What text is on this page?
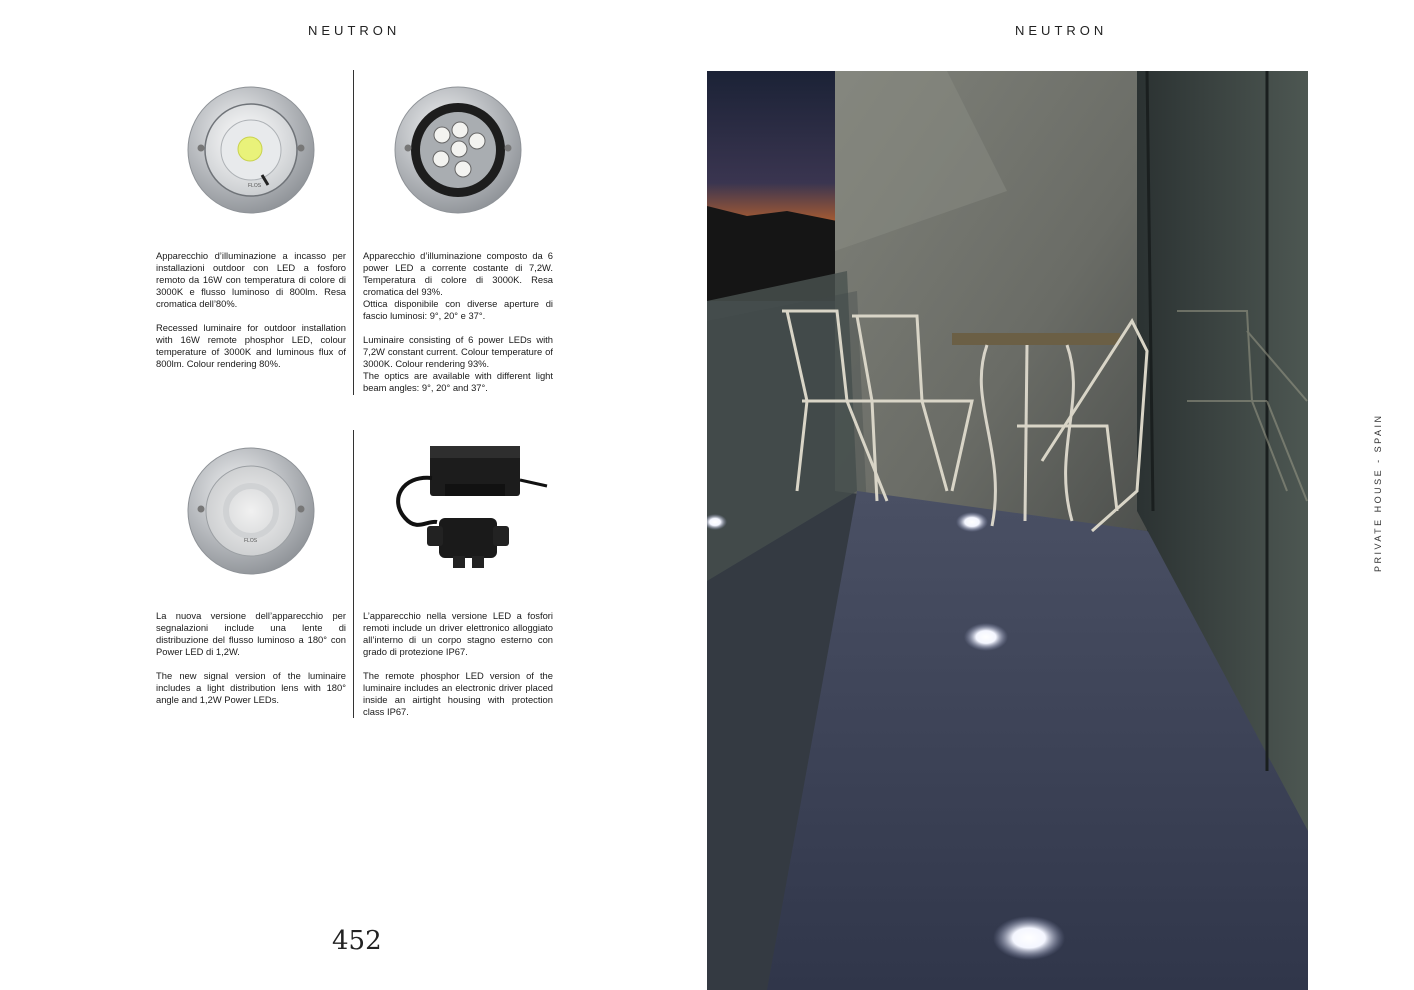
NEUTRON	NEUTRON
FLOS
FLOS

Apparecchio d’illuminazione a incasso per installazioni outdoor con LED a fosforo remoto da 16W con temperatura di colore di 3000K e flusso luminoso di 800lm. Resa cromatica dell’80%.

Recessed luminaire for outdoor installation with 16W remote phosphor LED, colour temperature of 3000K and luminous flux of 800lm. Colour rendering 80%.

Apparecchio d’illuminazione composto da 6 power LED a corrente costante di 7,2W. Temperatura di colore di 3000K. Resa cromatica del 93%.

Ottica disponibile con diverse aperture di fascio luminosi: 9°, 20° e 37°.

Luminaire consisting of 6 power LEDs with 7,2W constant current. Colour temperature of 3000K. Colour rendering 93%.

The optics are available with different light beam angles: 9°, 20° and 37°.

La nuova versione dell’apparecchio per segnalazioni include una lente di distribuzione del flusso luminoso a 180° con Power LED di 1,2W.

The new signal version of the luminaire includes a light distribution lens with 180° angle and 1,2W Power LEDs.

L’apparecchio nella versione LED a fosfori remoti include un driver elettronico alloggiato all’interno di un corpo stagno esterno con grado di protezione IP67.

The remote phosphor LED version of the luminaire includes an electronic driver placed inside an airtight housing with protection class IP67.

452
PRIVATE HOUSE - SPAIN
